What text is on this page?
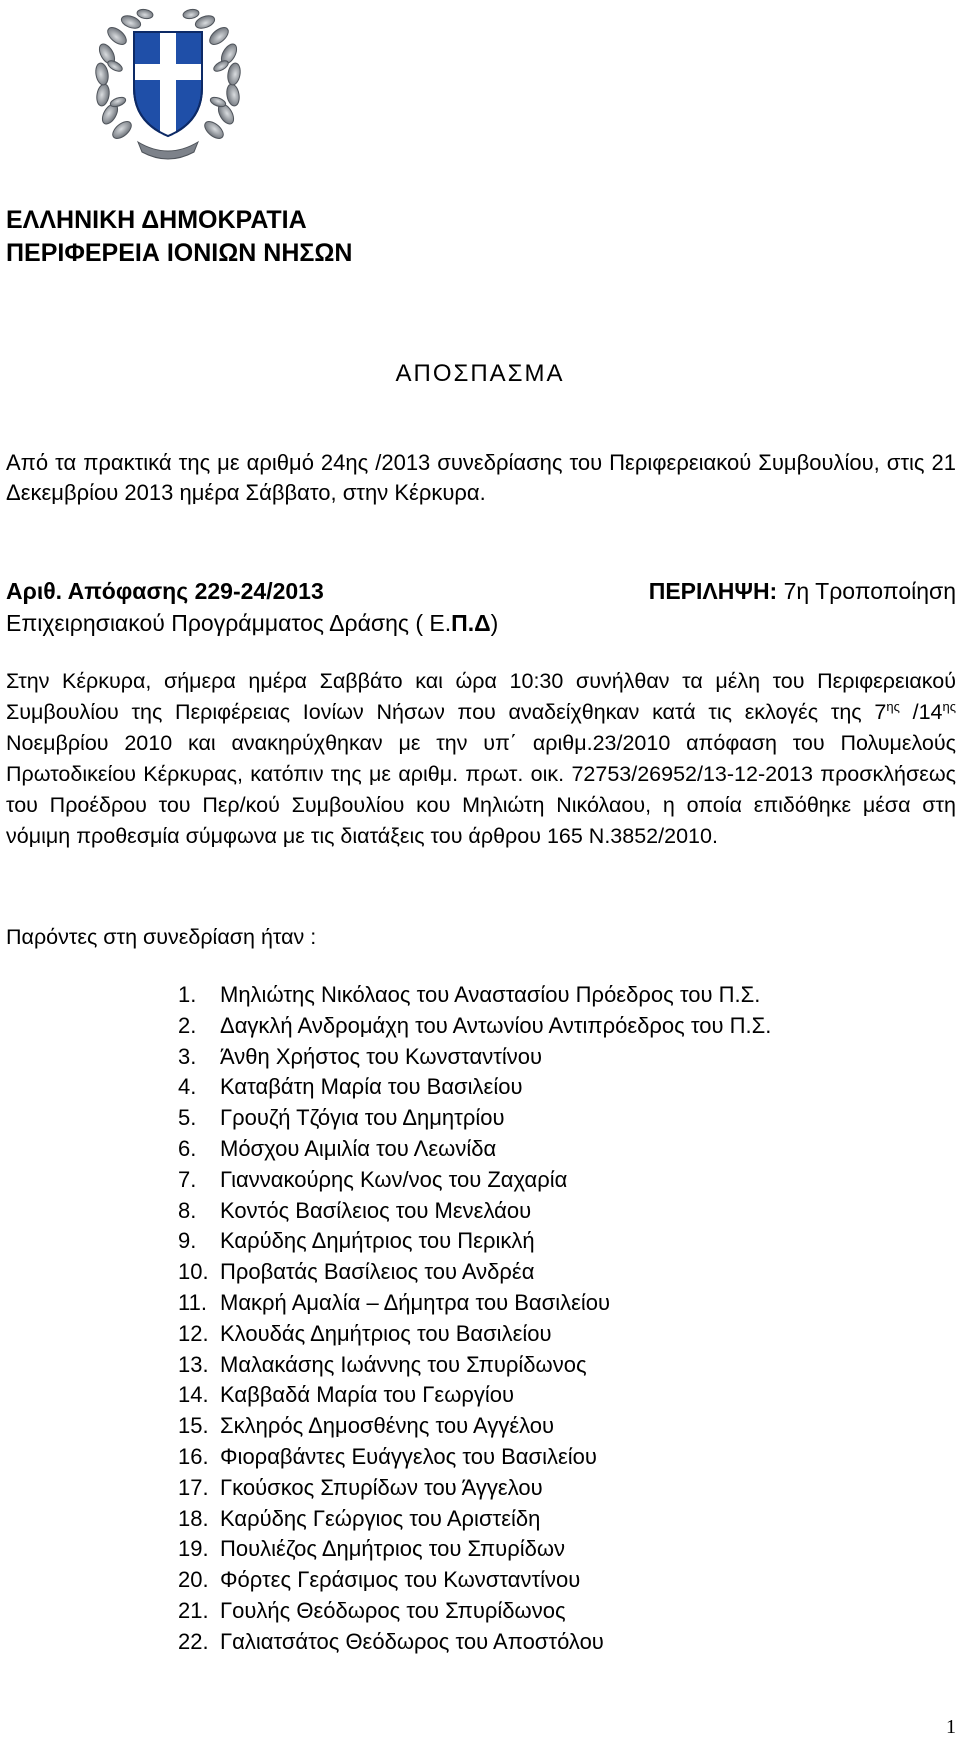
ΕΛΛΗΝΙΚΗ ΔΗΜΟΚΡΑΤΙΑ
ΠΕΡΙΦΕΡΕΙΑ ΙΟΝΙΩΝ ΝΗΣΩΝ
ΑΠΟΣΠΑΣΜΑ
Από τα πρακτικά της με αριθμό 24ης /2013 συνεδρίασης του Περιφερειακού Συμβουλίου, στις 21 Δεκεμβρίου 2013 ημέρα Σάββατο, στην Κέρκυρα.
Αριθ. Απόφασης 229-24/2013	ΠΕΡΙΛΗΨΗ: 7η Τροποποίηση
Επιχειρησιακού Προγράμματος Δράσης ( Ε.Π.Δ)
Στην Κέρκυρα, σήμερα ημέρα Σαββάτο και ώρα 10:30 συνήλθαν τα μέλη του Περιφερειακού Συμβουλίου της Περιφέρειας Ιονίων Νήσων που αναδείχθηκαν κατά τις εκλογές της $7^{\eta\varsigma}$ $/14^{\eta\varsigma}$ Νοεμβρίου 2010 και ανακηρύχθηκαν με την υπ΄ αριθμ.23/2010 απόφαση του Πολυμελούς Πρωτοδικείου Κέρκυρας, κατόπιν της με αριθμ. πρωτ. οικ. 72753/26952/13-12-2013 προσκλήσεως του Προέδρου του Περ/κού Συμβουλίου κου Μηλιώτη Νικόλαου, η οποία επιδόθηκε μέσα στη νόμιμη προθεσμία σύμφωνα με τις διατάξεις του άρθρου 165 Ν.3852/2010.
Παρόντες στη συνεδρίαση ήταν :
1.	Μηλιώτης Νικόλαος του Αναστασίου Πρόεδρος του Π.Σ.
2.	Δαγκλή Ανδρομάχη του Αντωνίου Αντιπρόεδρος του Π.Σ.
3.	Άνθη Χρήστος του Κωνσταντίνου
4.	Καταβάτη Μαρία του Βασιλείου
5.	Γρουζή Τζόγια του Δημητρίου
6.	Μόσχου Αιμιλία του Λεωνίδα
7.	Γιαννακούρης Κων/νος του Ζαχαρία
8.	Κοντός Βασίλειος του Μενελάου
9.	Καρύδης Δημήτριος του Περικλή
10. Προβατάς Βασίλειος του Ανδρέα
11. Μακρή Αμαλία – Δήμητρα του Βασιλείου
12. Κλουδάς Δημήτριος του Βασιλείου
13. Μαλακάσης Ιωάννης του Σπυρίδωνος
14. Καββαδά Μαρία του Γεωργίου
15. Σκληρός Δημοσθένης του Αγγέλου
16. Φιοραβάντες Ευάγγελος του Βασιλείου
17. Γκούσκος Σπυρίδων του Άγγελου
18. Καρύδης Γεώργιος του Αριστείδη
19. Πουλιέζος Δημήτριος του Σπυρίδων
20. Φόρτες Γεράσιμος του Κωνσταντίνου
21. Γουλής Θεόδωρος του Σπυρίδωνος
22. Γαλιατσάτος Θεόδωρος του Αποστόλου
1
